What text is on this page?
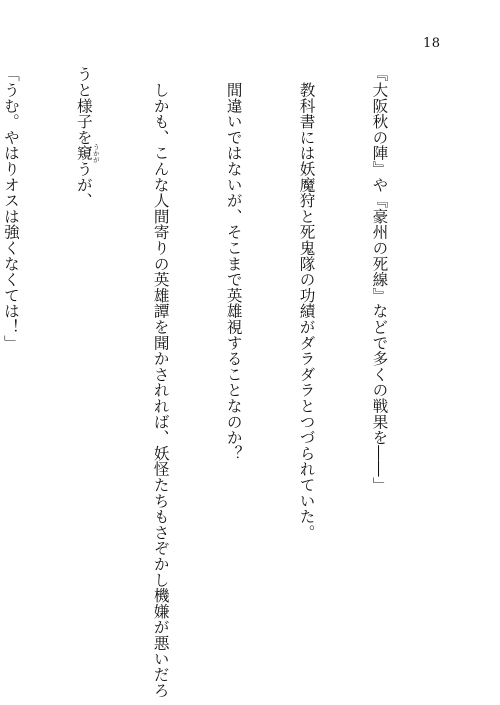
18

『大阪秋の陣』や『豪州の死線』などで多くの戦果を――」

　教科書には妖魔狩と死鬼隊の功績がダラダラとつづられていた。

　間違いではないが、そこまで英雄視することなのか？

　しかも、こんな人間寄りの英雄譚を聞かされれば、妖怪たちもさぞかし機嫌が悪いだろ

うと様子を窺 うかがうが、

「うむ。やはりオスは強くなくては！」
